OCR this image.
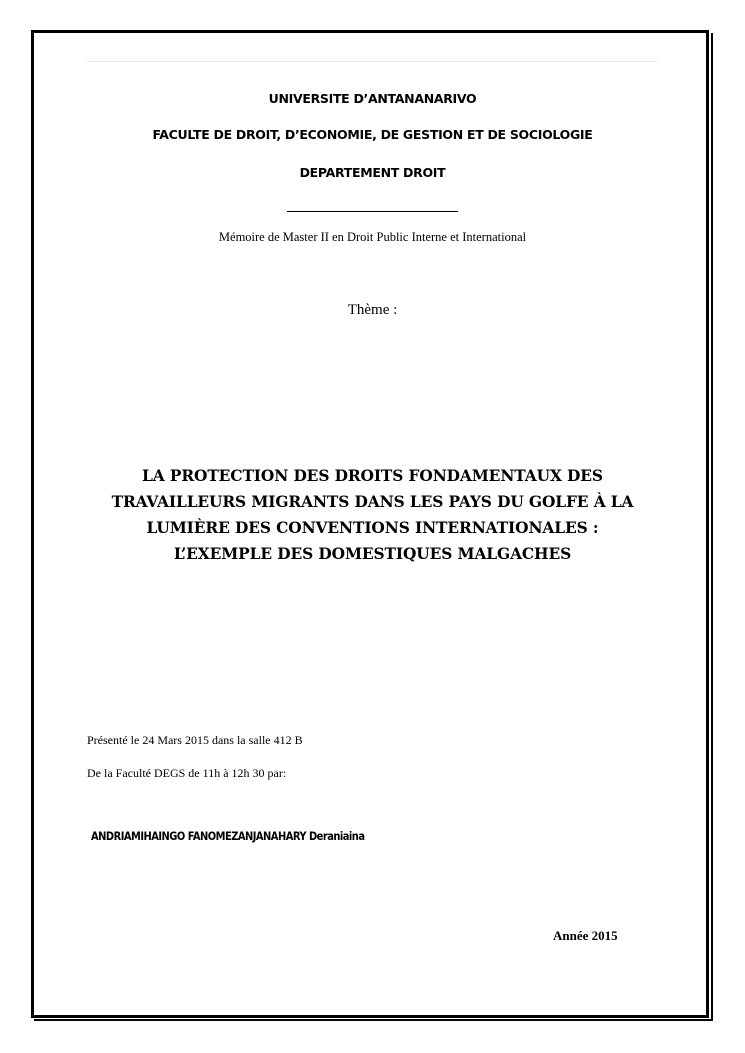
UNIVERSITE D’ANTANANARIVO
FACULTE DE DROIT, D’ECONOMIE, DE GESTION ET DE SOCIOLOGIE
DEPARTEMENT DROIT
Mémoire de Master II en Droit Public Interne et International
Thème :
LA PROTECTION DES DROITS FONDAMENTAUX DES
TRAVAILLEURS MIGRANTS DANS LES PAYS DU GOLFE À LA
LUMIÈRE DES CONVENTIONS INTERNATIONALES :
L’EXEMPLE DES DOMESTIQUES MALGACHES
Présenté le 24 Mars 2015 dans la salle 412 B
De la Faculté DEGS de 11h à 12h 30 par:
ANDRIAMIHAINGO FANOMEZANJANAHARY Deraniaina
Année 2015
